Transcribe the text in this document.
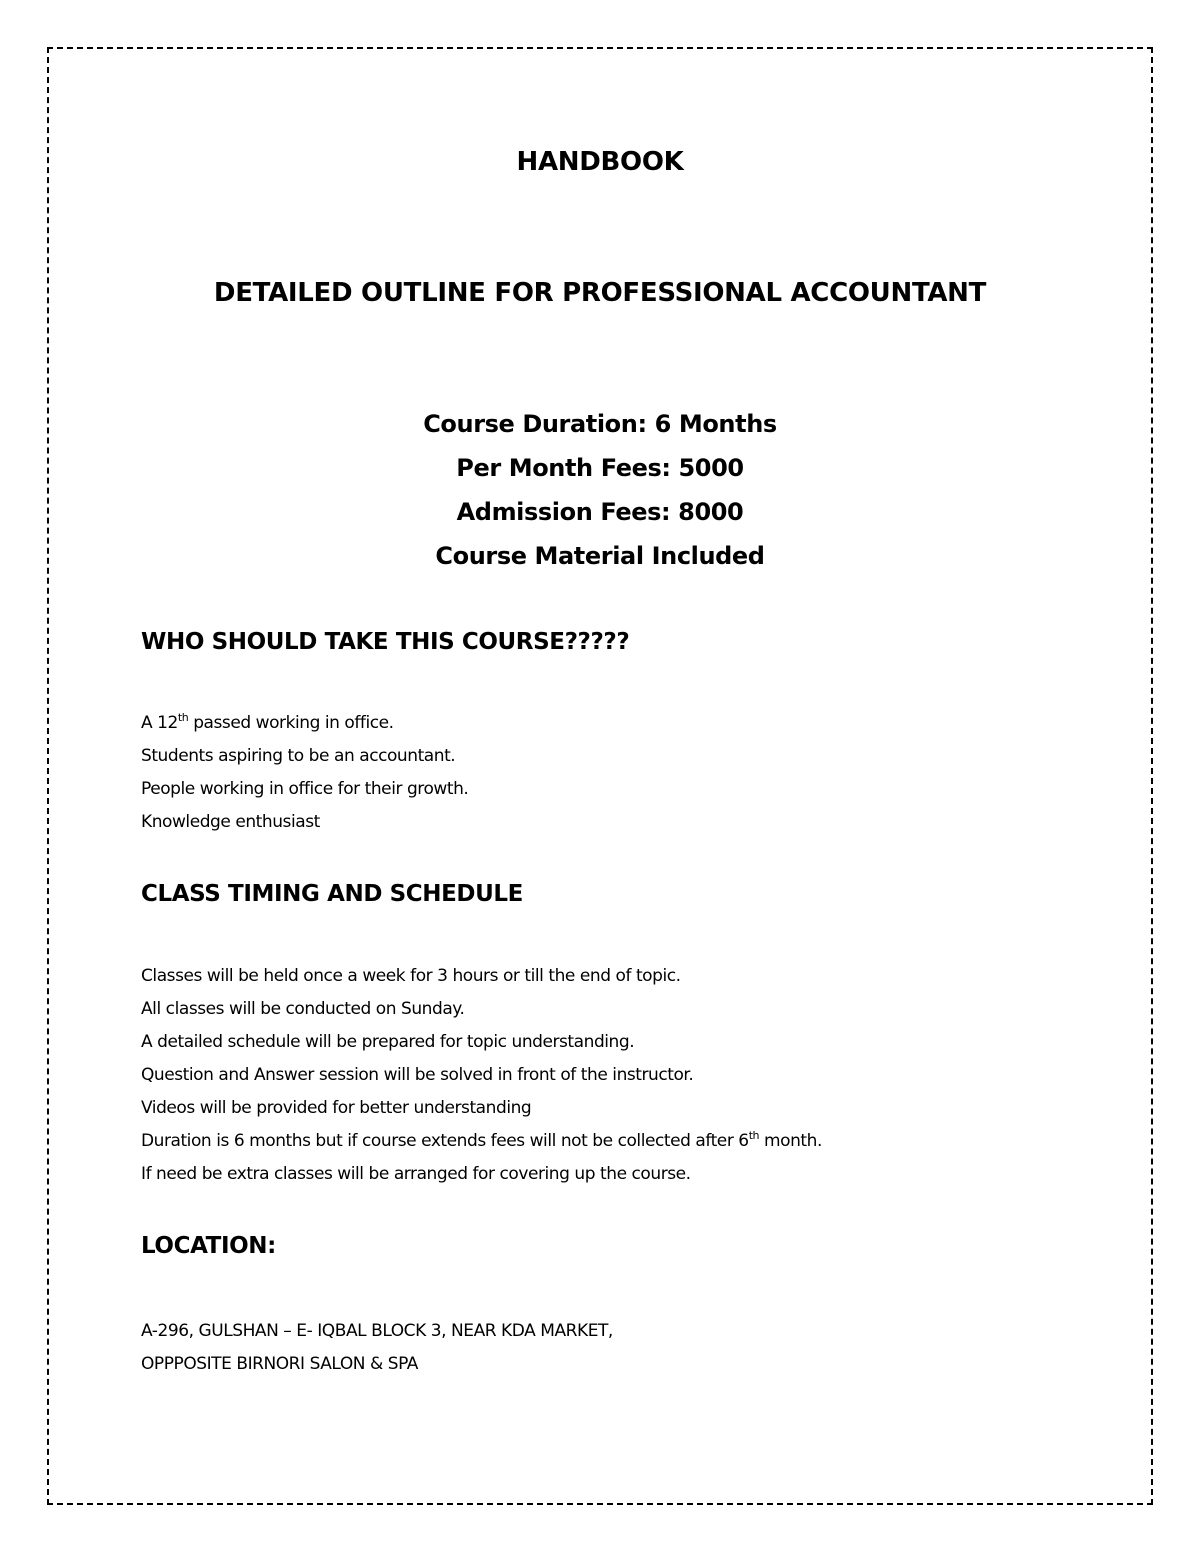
HANDBOOK
DETAILED OUTLINE FOR PROFESSIONAL ACCOUNTANT
Course Duration: 6 Months
Per Month Fees: 5000
Admission Fees: 8000
Course Material Included
WHO SHOULD TAKE THIS COURSE?????
A 12th passed working in office.
Students aspiring to be an accountant.
People working in office for their growth.
Knowledge enthusiast
CLASS TIMING AND SCHEDULE
Classes will be held once a week for 3 hours or till the end of topic.
All classes will be conducted on Sunday.
A detailed schedule will be prepared for topic understanding.
Question and Answer session will be solved in front of the instructor.
Videos will be provided for better understanding
Duration is 6 months but if course extends fees will not be collected after 6th month.
If need be extra classes will be arranged for covering up the course.
LOCATION:
A-296, GULSHAN – E- IQBAL BLOCK 3, NEAR KDA MARKET,
OPPPOSITE BIRNORI SALON & SPA
